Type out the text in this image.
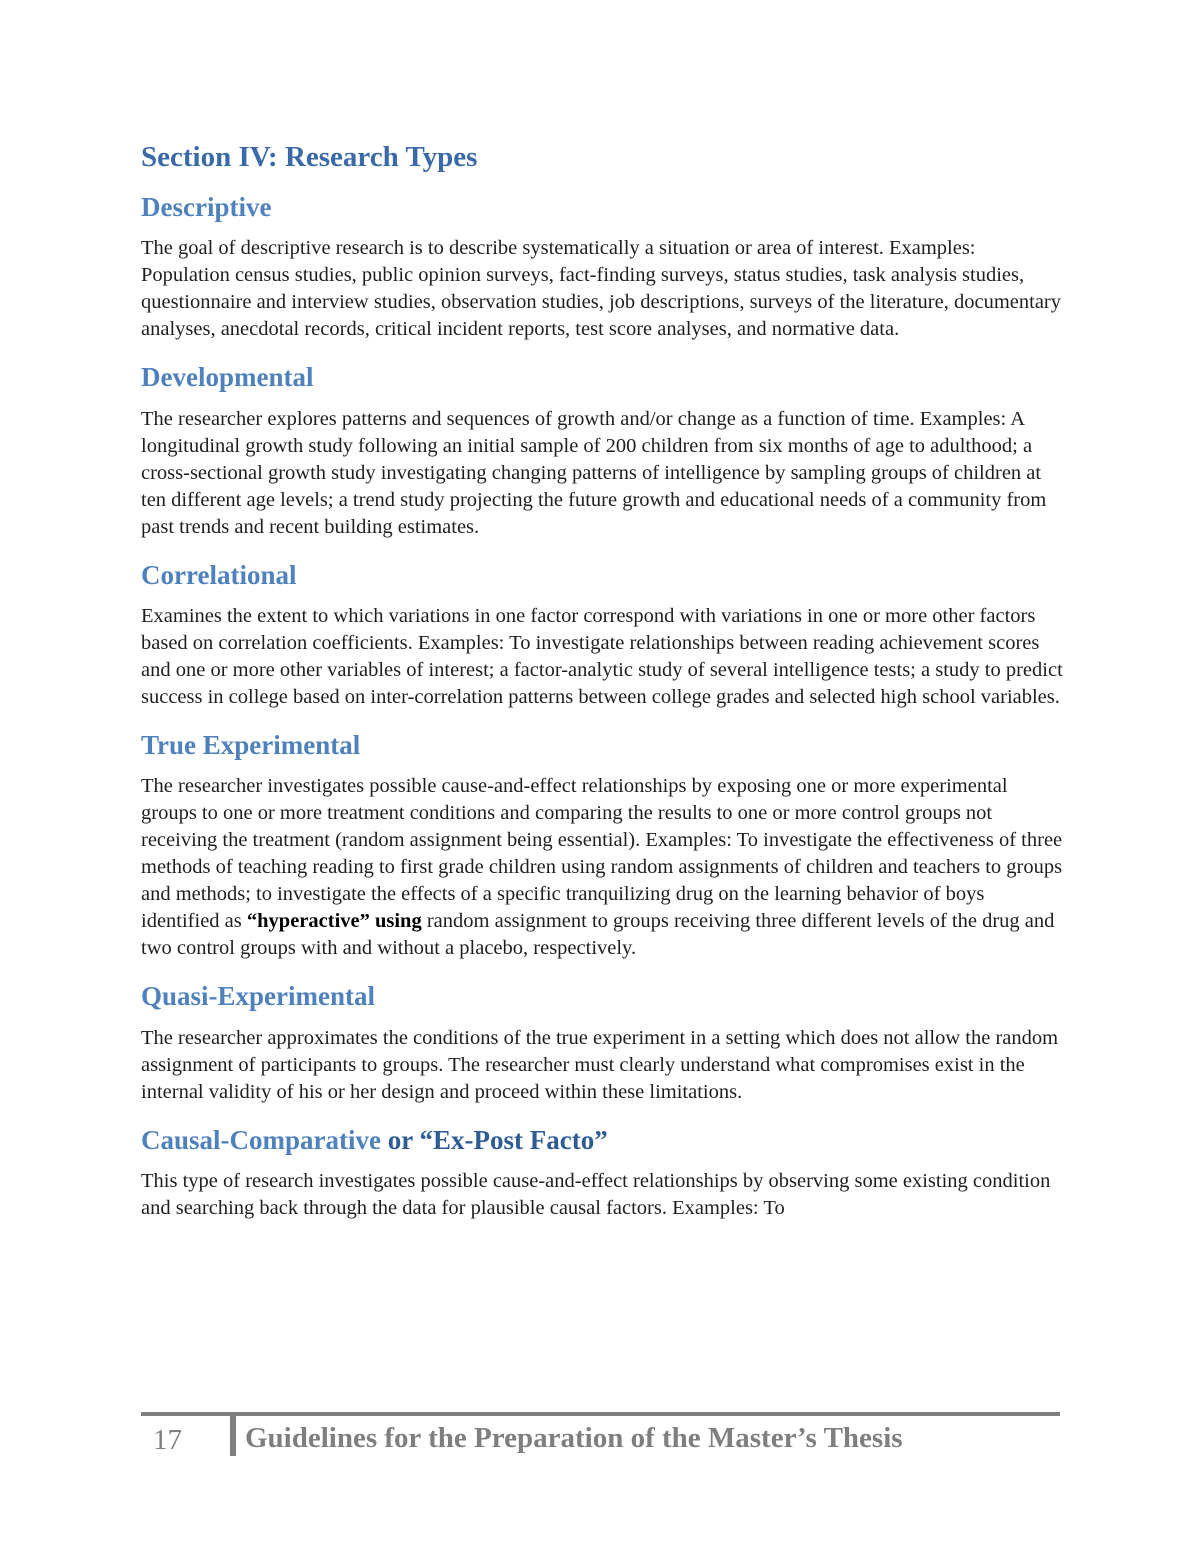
Section IV: Research Types
Descriptive

The goal of descriptive research is to describe systematically a situation or area of interest. Examples: Population census studies, public opinion surveys, fact-finding surveys, status studies, task analysis studies, questionnaire and interview studies, observation studies, job descriptions, surveys of the literature, documentary analyses, anecdotal records, critical incident reports, test score analyses, and normative data.

Developmental

The researcher explores patterns and sequences of growth and/or change as a function of time. Examples: A longitudinal growth study following an initial sample of 200 children from six months of age to adulthood; a cross-sectional growth study investigating changing patterns of intelligence by sampling groups of children at ten different age levels; a trend study projecting the future growth and educational needs of a community from past trends and recent building estimates.

Correlational

Examines the extent to which variations in one factor correspond with variations in one or more other factors based on correlation coefficients. Examples: To investigate relationships between reading achievement scores and one or more other variables of interest; a factor-analytic study of several intelligence tests; a study to predict success in college based on inter-correlation patterns between college grades and selected high school variables.

True Experimental

The researcher investigates possible cause-and-effect relationships by exposing one or more experimental groups to one or more treatment conditions and comparing the results to one or more control groups not receiving the treatment (random assignment being essential). Examples: To investigate the effectiveness of three methods of teaching reading to first grade children using random assignments of children and teachers to groups and methods; to investigate the effects of a specific tranquilizing drug on the learning behavior of boys identified as “hyperactive” using random assignment to groups receiving three different levels of the drug and two control groups with and without a placebo, respectively.

Quasi-Experimental

The researcher approximates the conditions of the true experiment in a setting which does not allow the random assignment of participants to groups. The researcher must clearly understand what compromises exist in the internal validity of his or her design and proceed within these limitations.

Causal-Comparative or “Ex-Post Facto”

This type of research investigates possible cause-and-effect relationships by observing some existing condition and searching back through the data for plausible causal factors. Examples: To

17 Guidelines for the Preparation of the Master’s Thesis
